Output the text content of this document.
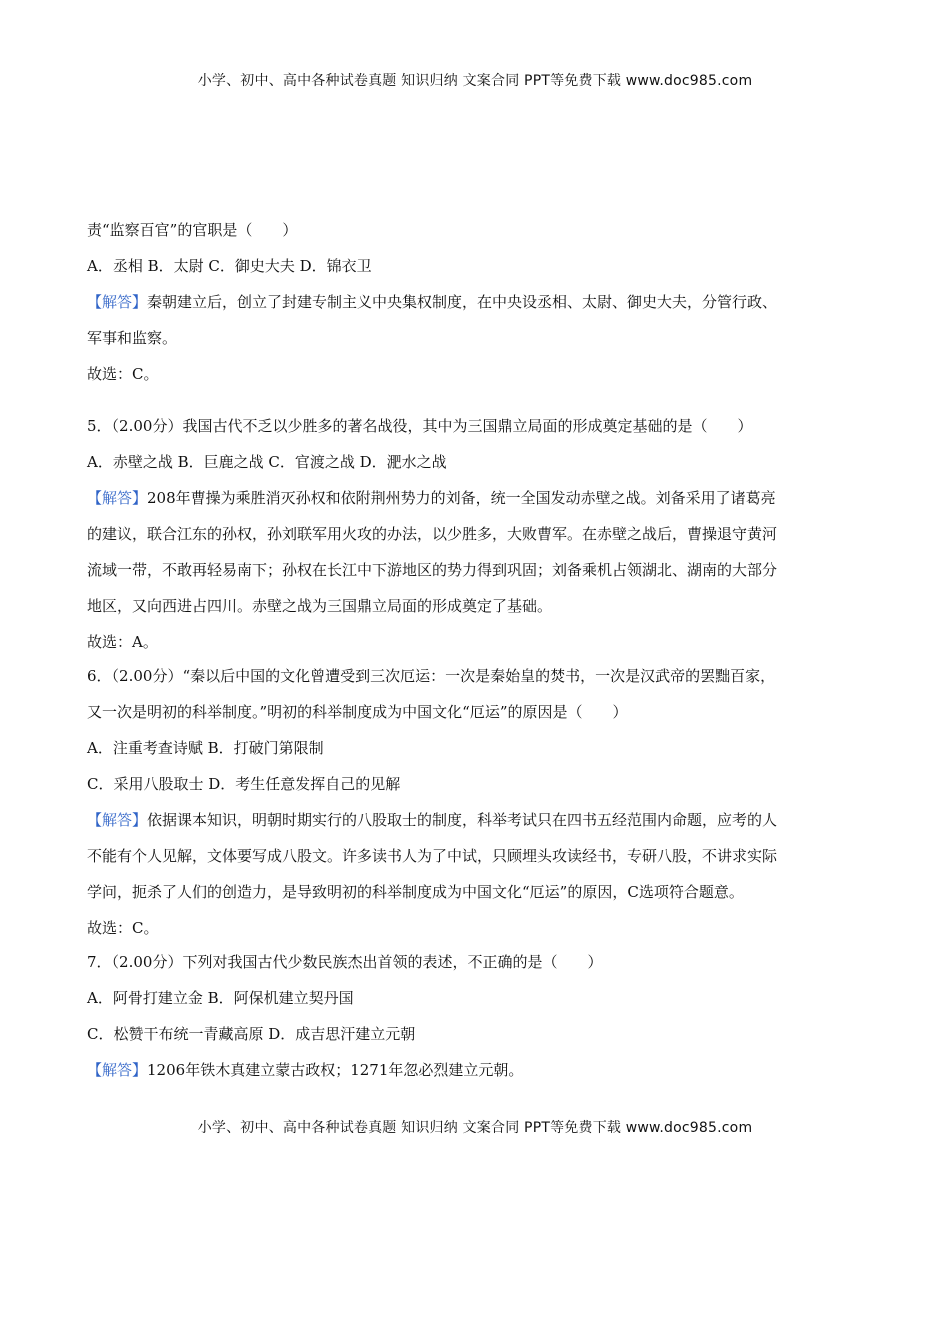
小学、初中、高中各种试卷真题 知识归纳 文案合同 PPT等免费下载 www.doc985.com
责“监察百官”的官职是（　　）
A．丞相 B．太尉 C．御史大夫 D．锦衣卫
【解答】秦朝建立后，创立了封建专制主义中央集权制度，在中央设丞相、太尉、御史大夫，分管行政、
军事和监察。
故选：C。
5．（2.00分）我国古代不乏以少胜多的著名战役，其中为三国鼎立局面的形成奠定基础的是（　　）
A．赤壁之战 B．巨鹿之战 C．官渡之战 D．淝水之战
【解答】208年曹操为乘胜消灭孙权和依附荆州势力的刘备，统一全国发动赤壁之战。刘备采用了诸葛亮
的建议，联合江东的孙权，孙刘联军用火攻的办法，以少胜多，大败曹军。在赤壁之战后，曹操退守黄河
流域一带，不敢再轻易南下；孙权在长江中下游地区的势力得到巩固；刘备乘机占领湖北、湖南的大部分
地区，又向西进占四川。赤壁之战为三国鼎立局面的形成奠定了基础。
故选：A。
6．（2.00分）“秦以后中国的文化曾遭受到三次厄运：一次是秦始皇的焚书，一次是汉武帝的罢黜百家，
又一次是明初的科举制度。”明初的科举制度成为中国文化“厄运”的原因是（　　）
A．注重考查诗赋 B．打破门第限制
C．采用八股取士 D．考生任意发挥自己的见解
【解答】依据课本知识，明朝时期实行的八股取士的制度，科举考试只在四书五经范围内命题，应考的人
不能有个人见解，文体要写成八股文。许多读书人为了中试，只顾埋头攻读经书，专研八股，不讲求实际
学问，扼杀了人们的创造力，是导致明初的科举制度成为中国文化“厄运”的原因，C选项符合题意。
故选：C。
7．（2.00分）下列对我国古代少数民族杰出首领的表述，不正确的是（　　）
A．阿骨打建立金 B．阿保机建立契丹国
C．松赞干布统一青藏高原 D．成吉思汗建立元朝
【解答】1206年铁木真建立蒙古政权；1271年忽必烈建立元朝。
小学、初中、高中各种试卷真题 知识归纳 文案合同 PPT等免费下载 www.doc985.com
